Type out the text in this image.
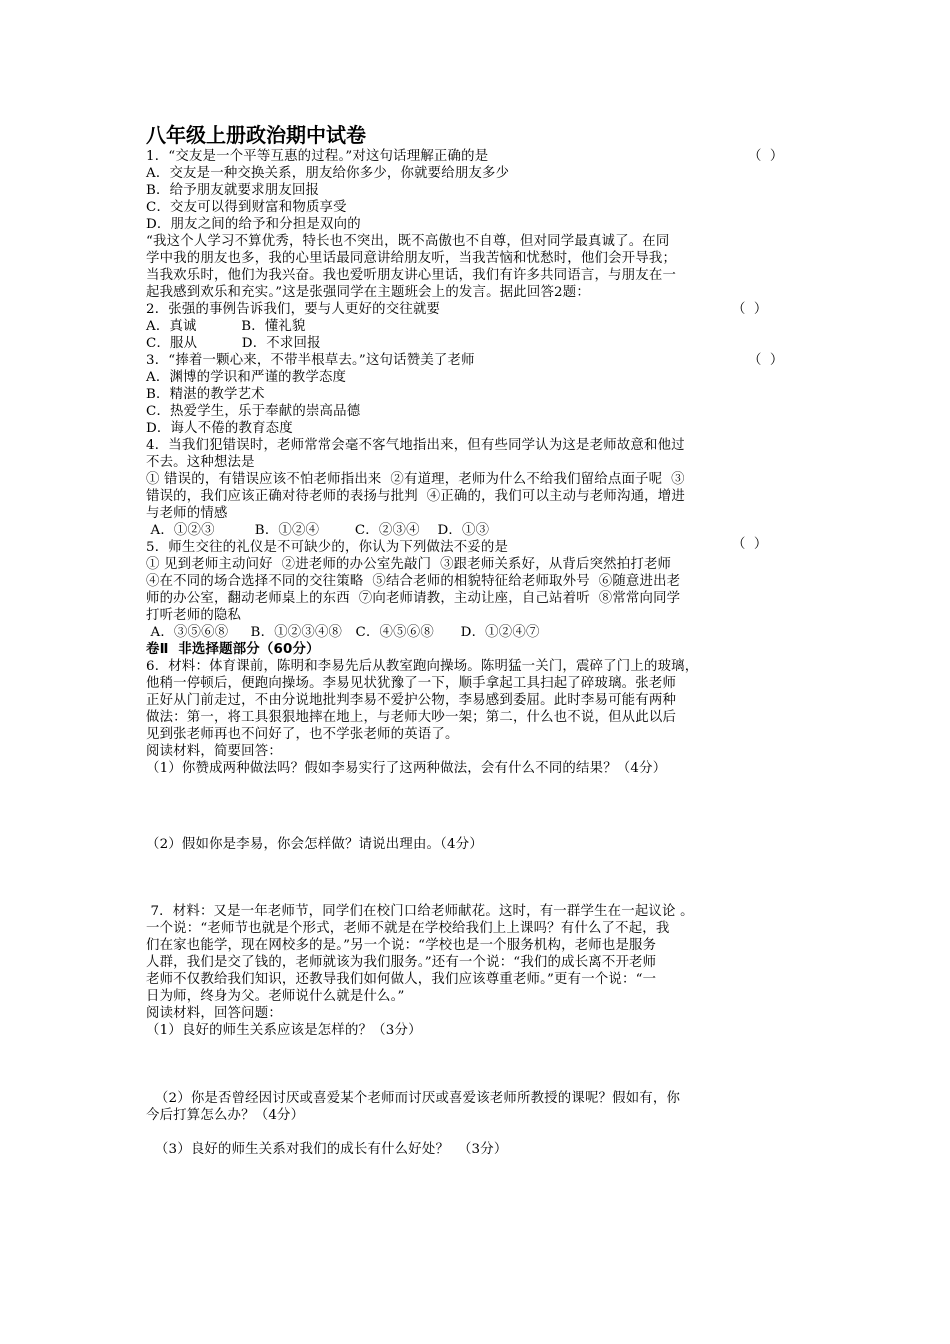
八年级上册政治期中试卷
1．“交友是一个平等互惠的过程。”对这句话理解正确的是	（  ）
A．交友是一种交换关系，朋友给你多少，你就要给朋友多少
B．给予朋友就要求朋友回报
C．交友可以得到财富和物质享受
D．朋友之间的给予和分担是双向的
“我这个人学习不算优秀，特长也不突出，既不高傲也不自尊，但对同学最真诚了。在同
学中我的朋友也多，我的心里话最同意讲给朋友听，当我苦恼和忧愁时，他们会开导我；
当我欢乐时，他们为我兴奋。我也爱听朋友讲心里话，我们有许多共同语言，与朋友在一
起我感到欢乐和充实。”这是张强同学在主题班会上的发言。据此回答2题：
2．张强的事例告诉我们，要与人更好的交往就要	（  ）
A．真诚          B．懂礼貌
C．服从          D．不求回报
3．“捧着一颗心来，不带半根草去。”这句话赞美了老师	（  ）
A．渊博的学识和严谨的教学态度
B．精湛的教学艺术
C．热爱学生，乐于奉献的崇高品德
D．诲人不倦的教育态度
4．当我们犯错误时，老师常常会毫不客气地指出来，但有些同学认为这是老师故意和他过
不去。这种想法是
① 错误的，有错误应该不怕老师指出来  ②有道理，老师为什么不给我们留给点面子呢  ③
错误的，我们应该正确对待老师的表扬与批判  ④正确的，我们可以主动与老师沟通，增进
与老师的情感
A．①②③         B．①②④        C．②③④    D．①③
5．师生交往的礼仪是不可缺少的，你认为下列做法不妥的是	（  ）
① 见到老师主动问好  ②进老师的办公室先敲门  ③跟老师关系好，从背后突然拍打老师
④在不同的场合选择不同的交往策略  ⑤结合老师的相貌特征给老师取外号  ⑥随意进出老
师的办公室，翻动老师桌上的东西  ⑦向老师请教，主动让座，自己站着听  ⑧常常向同学
打听老师的隐私
A．③⑤⑥⑧     B．①②③④⑧   C．④⑤⑥⑧      D．①②④⑦
卷Ⅱ  非选择题部分（60分）
6．材料：体育课前，陈明和李易先后从教室跑向操场。陈明猛一关门，震碎了门上的玻璃，
他稍一停顿后，便跑向操场。李易见状犹豫了一下，顺手拿起工具扫起了碎玻璃。张老师
正好从门前走过，不由分说地批判李易不爱护公物，李易感到委屈。此时李易可能有两种
做法：第一，将工具狠狠地摔在地上，与老师大吵一架；第二，什么也不说，但从此以后
见到张老师再也不问好了，也不学张老师的英语了。
阅读材料，简要回答：
（1）你赞成两种做法吗？假如李易实行了这两种做法，会有什么不同的结果？（4分）
（2）假如你是李易，你会怎样做？请说出理由。（4分）
7．材料：又是一年老师节，同学们在校门口给老师献花。这时，有一群学生在一起议论 。
一个说：“老师节也就是个形式，老师不就是在学校给我们上上课吗？有什么了不起，我
们在家也能学，现在网校多的是。”另一个说：“学校也是一个服务机构，老师也是服务
人群，我们是交了钱的，老师就该为我们服务。”还有一个说：“我们的成长离不开老师
老师不仅教给我们知识，还教导我们如何做人，我们应该尊重老师。”更有一个说：“一
日为师，终身为父。老师说什么就是什么。”
阅读材料，回答问题：
（1）良好的师生关系应该是怎样的？（3分）
（2）你是否曾经因讨厌或喜爱某个老师而讨厌或喜爱该老师所教授的课呢？假如有，你
今后打算怎么办？（4分）
（3）良好的师生关系对我们的成长有什么好处？  （3分）
